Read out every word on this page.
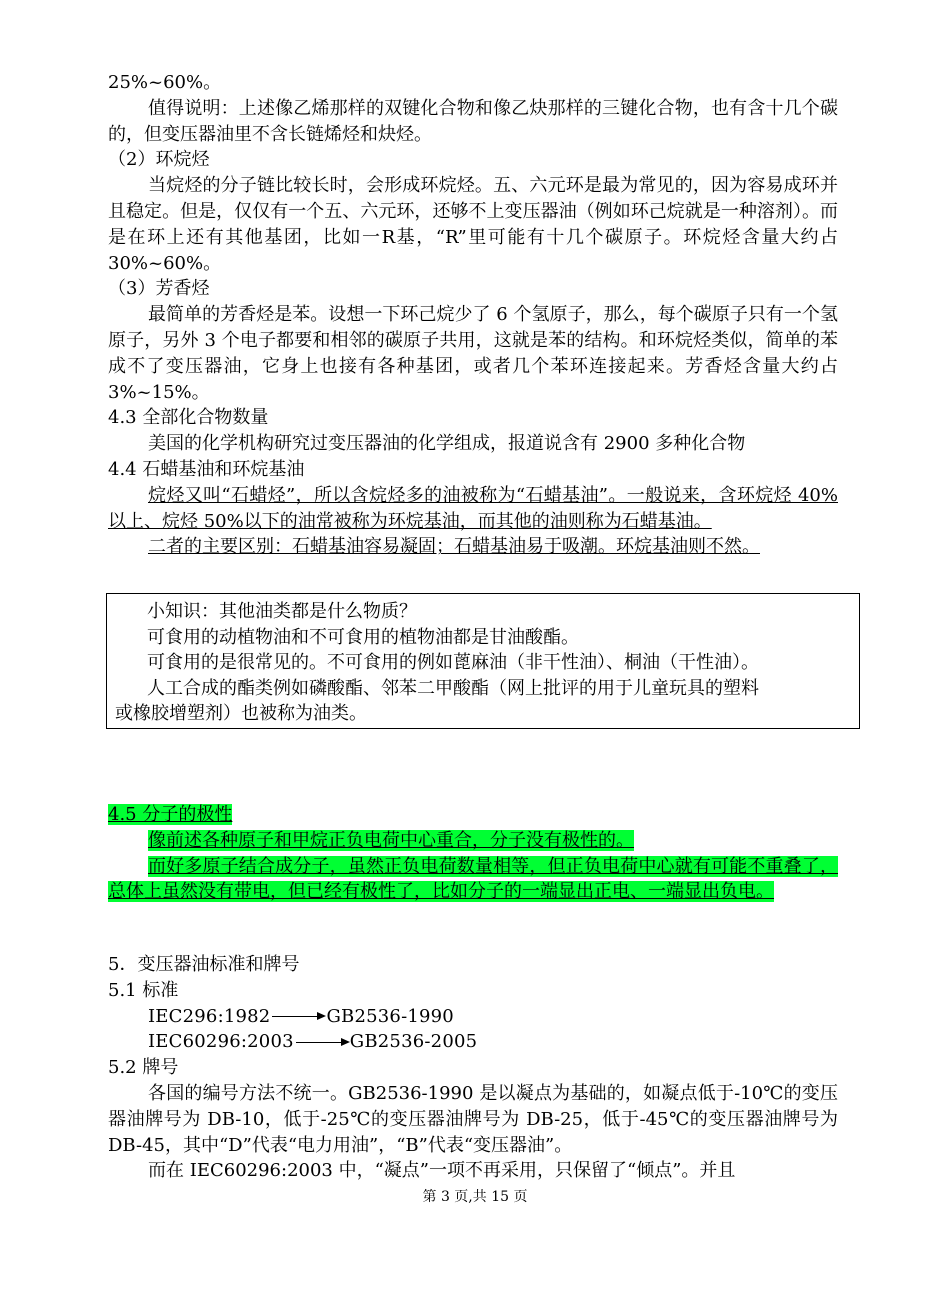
25%~60%。
值得说明：上述像乙烯那样的双键化合物和像乙炔那样的三键化合物，也有含十几个碳的，但变压器油里不含长链烯烃和炔烃。
（2）环烷烃
当烷烃的分子链比较长时，会形成环烷烃。五、六元环是最为常见的，因为容易成环并且稳定。但是，仅仅有一个五、六元环，还够不上变压器油（例如环己烷就是一种溶剂）。而是在环上还有其他基团，比如一R基，“R”里可能有十几个碳原子。环烷烃含量大约占 30%~60%。
（3）芳香烃
最简单的芳香烃是苯。设想一下环己烷少了 6 个氢原子，那么，每个碳原子只有一个氢原子，另外 3 个电子都要和相邻的碳原子共用，这就是苯的结构。和环烷烃类似，简单的苯成不了变压器油，它身上也接有各种基团，或者几个苯环连接起来。芳香烃含量大约占 3%~15%。
4.3 全部化合物数量
美国的化学机构研究过变压器油的化学组成，报道说含有 2900 多种化合物
4.4 石蜡基油和环烷基油
烷烃又叫“石蜡烃”，所以含烷烃多的油被称为“石蜡基油”。一般说来，含环烷烃 40%以上、烷烃 50%以下的油常被称为环烷基油，而其他的油则称为石蜡基油。
二者的主要区别：石蜡基油容易凝固；石蜡基油易于吸潮。环烷基油则不然。
小知识：其他油类都是什么物质？
可食用的动植物油和不可食用的植物油都是甘油酸酯。
可食用的是很常见的。不可食用的例如蓖麻油（非干性油）、桐油（干性油）。
人工合成的酯类例如磷酸酯、邻苯二甲酸酯（网上批评的用于儿童玩具的塑料
或橡胶增塑剂）也被称为油类。
4.5 分子的极性
像前述各种原子和甲烷正负电荷中心重合，分子没有极性的。
而好多原子结合成分子，虽然正负电荷数量相等，但正负电荷中心就有可能不重叠了，总体上虽然没有带电，但已经有极性了，比如分子的一端显出正电、一端显出负电。
5．变压器油标准和牌号
5.1 标准
IEC296:1982	GB2536-1990
IEC60296:2003	GB2536-2005
5.2 牌号
各国的编号方法不统一。GB2536-1990 是以凝点为基础的，如凝点低于-10℃的变压器油牌号为 DB-10，低于-25℃的变压器油牌号为 DB-25，低于-45℃的变压器油牌号为 DB-45，其中“D”代表“电力用油”，“B”代表“变压器油”。
而在 IEC60296:2003 中，“凝点”一项不再采用，只保留了“倾点”。并且
第 3 页,共 15 页
